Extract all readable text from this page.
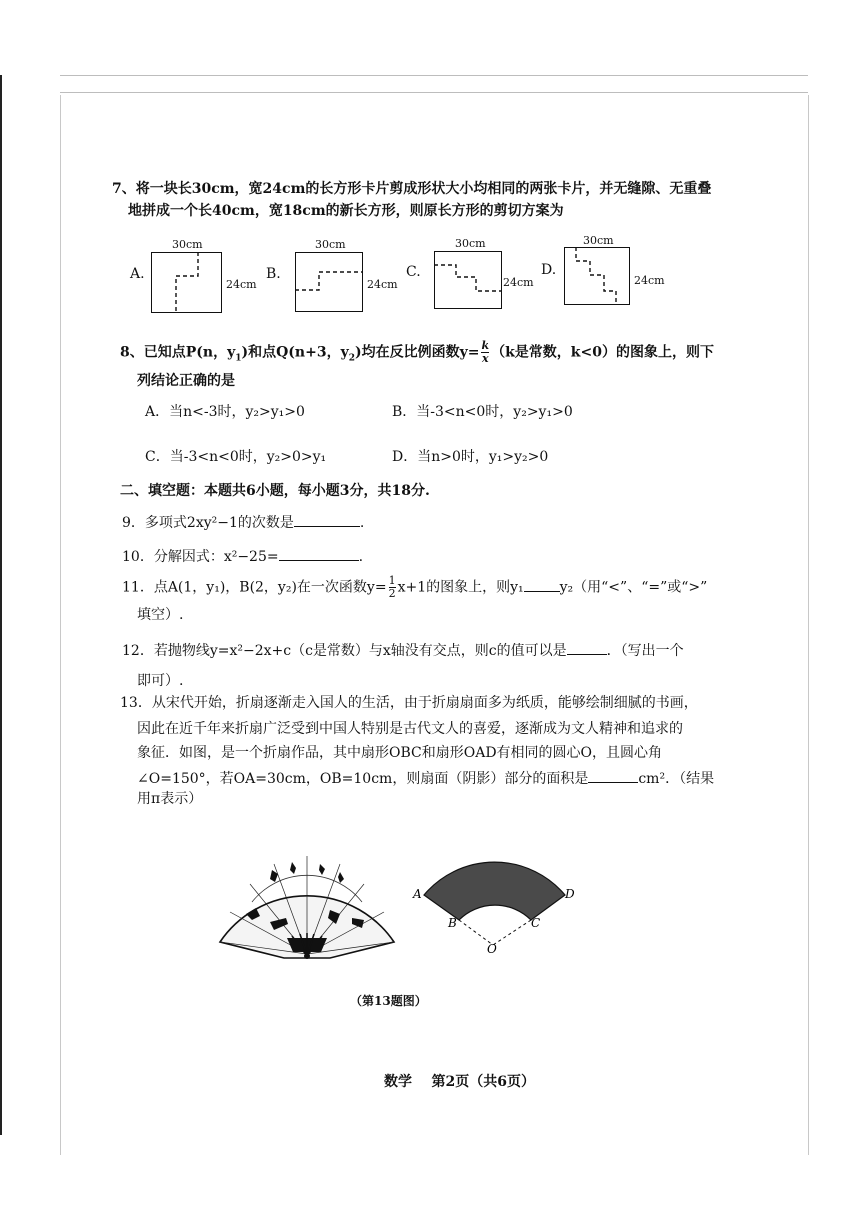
7、将一块长30cm，宽24cm的长方形卡片剪成形状大小均相同的两张卡片，并无缝隙、无重叠
地拼成一个长40cm，宽18cm的新长方形，则原长方形的剪切方案为
A.
30cm
24cm
B.
30cm
24cm
C.
30cm
24cm
D.
30cm
24cm
8、已知点P(n，$y_1$)和点Q(n+3，$y_2$)均在反比例函数$y= \frac{k}{x} (k$是常数，k<0）的图象上，则下
列结论正确的是
A．当n<-3时，y₂>y₁>0	B．当-3<n<0时，y₂>y₁>0
C．当-3<n<0时，y₂>0>y₁	D．当n>0时，y₁>y₂>0
二、填空题：本题共6小题，每小题3分，共18分.
9．多项式2xy²−1的次数是	.
10．分解因式：x²−25=	.
11．点A(1，y₁)，B(2，y₂)在一次函数$y= \frac{1}{2} x+1$的图象上，则y₁	y₂（用“<”、“=”或“>”
填空）.
12．若抛物线y=x²−2x+c（c是常数）与x轴没有交点，则c的值可以是	．（写出一个
即可）.
13．从宋代开始，折扇逐渐走入国人的生活，由于折扇扇面多为纸质，能够绘制细腻的书画，
因此在近千年来折扇广泛受到中国人特别是古代文人的喜爱，逐渐成为文人精神和追求的
象征．如图，是一个折扇作品，其中扇形OBC和扇形OAD有相同的圆心O，且圆心角
∠O=150°，若OA=30cm，OB=10cm，则扇面（阴影）部分的面积是	cm²．（结果
用π表示）
A
B	C
D
O
（第13题图）
数学    第2页（共6页）
